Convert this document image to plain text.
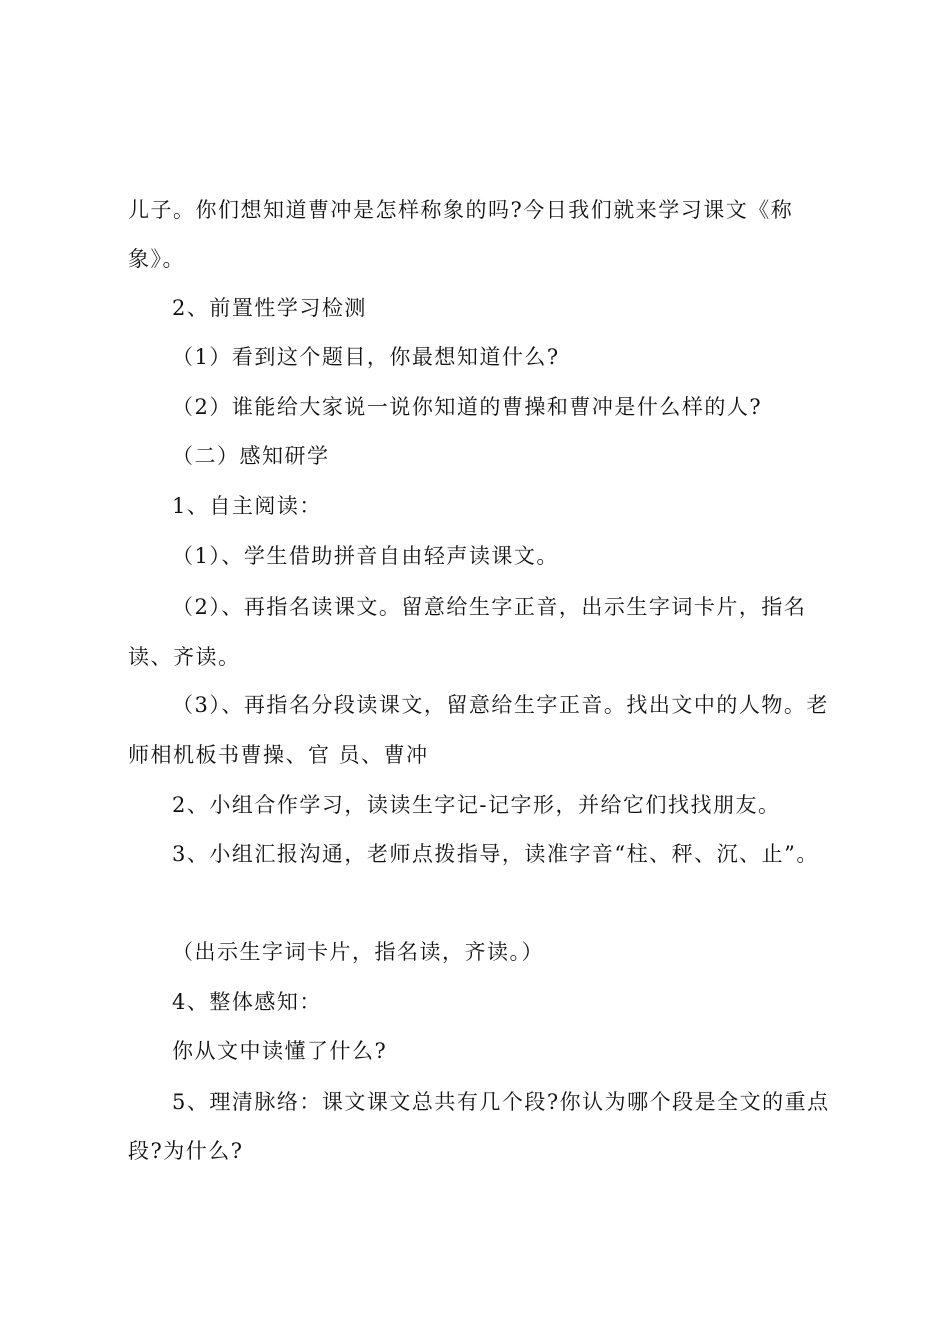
儿子。你们想知道曹冲是怎样称象的吗?今日我们就来学习课文《称
象》。
2、前置性学习检测
（1）看到这个题目，你最想知道什么?
（2）谁能给大家说一说你知道的曹操和曹冲是什么样的人?
（二）感知研学
1、自主阅读：
（1）、学生借助拼音自由轻声读课文。
（2）、再指名读课文。留意给生字正音，出示生字词卡片，指名
读、齐读。
（3）、再指名分段读课文，留意给生字正音。找出文中的人物。老
师相机板书曹操、官 员、曹冲
2、小组合作学习，读读生字记-记字形，并给它们找找朋友。
3、小组汇报沟通，老师点拨指导，读准字音“柱、秤、沉、止”。
（出示生字词卡片，指名读，齐读。）
4、整体感知：
你从文中读懂了什么?
5、理清脉络：课文课文总共有几个段?你认为哪个段是全文的重点
段?为什么?
